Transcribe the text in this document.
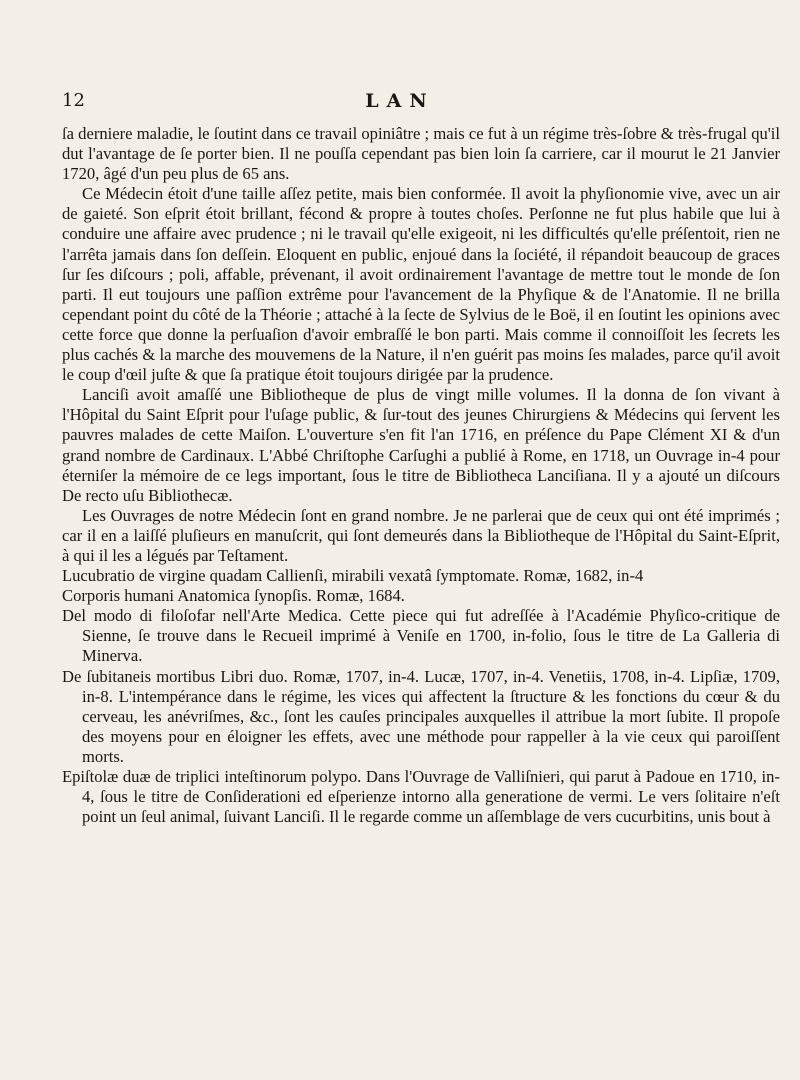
12	LAN

ſa derniere maladie, le ſoutint dans ce travail opiniâtre ; mais ce fut à un régime très-ſobre & très-frugal qu'il dut l'avantage de ſe porter bien. Il ne pouſſa cependant pas bien loin ſa carriere, car il mourut le 21 Janvier 1720, âgé d'un peu plus de 65 ans.

Ce Médecin étoit d'une taille aſſez petite, mais bien conformée. Il avoit la phyſionomie vive, avec un air de gaieté. Son eſprit étoit brillant, fécond & propre à toutes choſes. Perſonne ne fut plus habile que lui à conduire une affaire avec prudence ; ni le travail qu'elle exigeoit, ni les difficultés qu'elle préſentoit, rien ne l'arrêta jamais dans ſon deſſein. Eloquent en public, enjoué dans la ſociété, il répandoit beaucoup de graces ſur ſes diſcours ; poli, affable, prévenant, il avoit ordinairement l'avantage de mettre tout le monde de ſon parti. Il eut toujours une paſſion extrême pour l'avancement de la Phyſique & de l'Anatomie. Il ne brilla cependant point du côté de la Théorie ; attaché à la ſecte de Sylvius de le Boë, il en ſoutint les opinions avec cette force que donne la perſuaſion d'avoir embraſſé le bon parti. Mais comme il connoiſſoit les ſecrets les plus cachés & la marche des mouvemens de la Nature, il n'en guérit pas moins ſes malades, parce qu'il avoit le coup d'œil juſte & que ſa pratique étoit toujours dirigée par la prudence.

Lanciſi avoit amaſſé une Bibliotheque de plus de vingt mille volumes. Il la donna de ſon vivant à l'Hôpital du Saint Eſprit pour l'uſage public, & ſur-tout des jeunes Chirurgiens & Médecins qui ſervent les pauvres malades de cette Maiſon. L'ouverture s'en fit l'an 1716, en préſence du Pape Clément XI & d'un grand nombre de Cardinaux. L'Abbé Chriſtophe Carſughi a publié à Rome, en 1718, un Ouvrage in-4 pour éterniſer la mémoire de ce legs important, ſous le titre de Bibliotheca Lanciſiana. Il y a ajouté un diſcours De recto uſu Bibliothecæ.

Les Ouvrages de notre Médecin ſont en grand nombre. Je ne parlerai que de ceux qui ont été imprimés ; car il en a laiſſé pluſieurs en manuſcrit, qui ſont demeurés dans la Bibliotheque de l'Hôpital du Saint-Eſprit, à qui il les a légués par Teſtament.

Lucubratio de virgine quadam Callienſi, mirabili vexatâ ſymptomate. Romæ, 1682, in-4

Corporis humani Anatomica ſynopſis. Romæ, 1684.

Del modo di filoſofar nell'Arte Medica. Cette piece qui fut adreſſée à l'Académie Phyſico-critique de Sienne, ſe trouve dans le Recueil imprimé à Veniſe en 1700, in-folio, ſous le titre de La Galleria di Minerva.

De ſubitaneis mortibus Libri duo. Romæ, 1707, in-4. Lucæ, 1707, in-4. Venetiis, 1708, in-4. Lipſiæ, 1709, in-8. L'intempérance dans le régime, les vices qui affectent la ſtructure & les fonctions du cœur & du cerveau, les anévriſmes, &c., ſont les cauſes principales auxquelles il attribue la mort ſubite. Il propoſe des moyens pour en éloigner les effets, avec une méthode pour rappeller à la vie ceux qui paroiſſent morts.

Epiſtolæ duæ de triplici inteſtinorum polypo. Dans l'Ouvrage de Valliſnieri, qui parut à Padoue en 1710, in-4, ſous le titre de Conſiderationi ed eſperienze intorno alla generatione de vermi. Le vers ſolitaire n'eſt point un ſeul animal, ſuivant Lanciſi. Il le regarde comme un aſſemblage de vers cucurbitins, unis bout à
